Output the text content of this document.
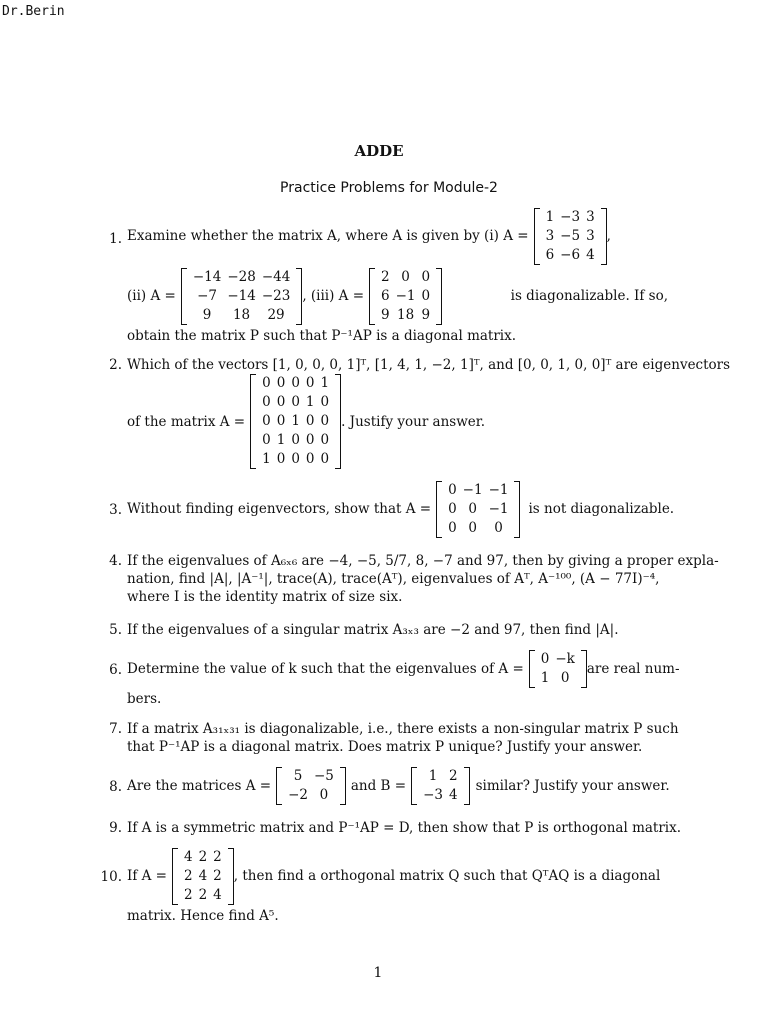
Dr.Berin
ADDE
Practice Problems for Module-2
1. Examine whether the matrix A, where A is given by (i) A =
1 −3 3
3 −5 3
6 −6 4
,
(ii) A =
−14 −28 −44
−7 −14 −23
9	18	29
, (iii) A =
2 0 0
6 −1 0
9 18 9
is diagonalizable. If so,
obtain the matrix P such that P⁻¹AP is a diagonal matrix.
2. Which of the vectors [1, 0, 0, 0, 1]ᵀ, [1, 4, 1, −2, 1]ᵀ, and [0, 0, 1, 0, 0]ᵀ are eigenvectors
of the matrix A =
0 0 0 0 1
0 0 0 1 0
0 0 1 0 0
0 1 0 0 0
1 0 0 0 0
. Justify your answer.
3. Without finding eigenvectors, show that A =
0 −1 −1
0 0 −1
0 0	0
is not diagonalizable.
4. If the eigenvalues of A₆ₓ₆ are −4, −5, 5/7, 8, −7 and 97, then by giving a proper expla-
nation, find |A|, |A⁻¹|, trace(A), trace(Aᵀ), eigenvalues of Aᵀ, A⁻¹⁰⁰, (A − 77I)⁻⁴,
where I is the identity matrix of size six.
5. If the eigenvalues of a singular matrix A₃ₓ₃ are −2 and 97, then find |A|.
6. Determine the value of k such that the eigenvalues of A =
0 −k
1 0
are real num-
bers.
7. If a matrix A₃₁ₓ₃₁ is diagonalizable, i.e., there exists a non-singular matrix P such
that P⁻¹AP is a diagonal matrix. Does matrix P unique? Justify your answer.
8. Are the matrices A =
5 −5
−2 0
and B =
1 2
−3 4
similar? Justify your answer.
9. If A is a symmetric matrix and P⁻¹AP = D, then show that P is orthogonal matrix.
10. If A =
4 2 2
2 4 2
2 2 4
, then find a orthogonal matrix Q such that QᵀAQ is a diagonal
matrix. Hence find A⁵.
1
